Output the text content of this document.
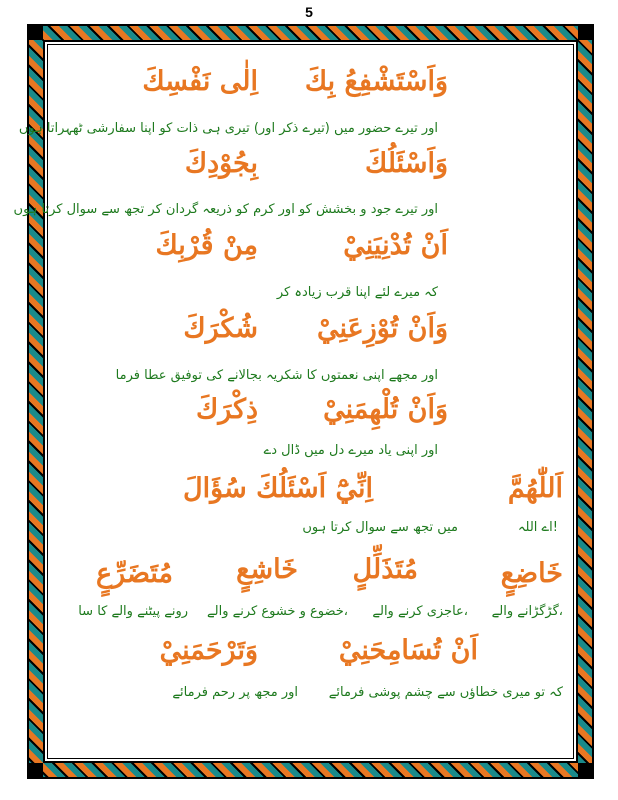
5
وَاَسْتَشْفِعُ بِكَ
اِلٰى نَفْسِكَ
اور تیرے حضور میں (تیرے ذکر اور) تیری ہی ذات کو اپنا سفارشی ٹھہراتا ہوں
وَاَسْئَلُكَ
بِجُوْدِكَ
اور تیرے جود و بخشش کو اور کرم کو ذریعہ گردان کر تجھ سے سوال کرتا ہوں
اَنْ تُدْنِيَنِيْ
مِنْ قُرْبِكَ
کہ میرے لئے اپنا قرب زیادہ کر
وَاَنْ تُوْزِعَنِيْ
شُكْرَكَ
اور مجھے اپنی نعمتوں کا شکریہ بجالانے کی توفیق عطا فرما
وَاَنْ تُلْهِمَنِيْ
ذِكْرَكَ
اور اپنی یاد میرے دل میں ڈال دے
اَللّٰهُمَّ
اِنِّيْٓ اَسْئَلُكَ سُؤَالَ
اے اللہ!
میں تجھ سے سوال کرتا ہوں
خَاضِعٍ
مُتَذَلِّلٍ
خَاشِعٍ
مُتَضَرِّعٍ
گڑگڑانے والے،
عاجزی کرنے والے،
خضوع و خشوع کرنے والے،
رونے پیٹنے والے کا سا
اَنْ تُسَامِحَنِيْ
وَتَرْحَمَنِيْ
کہ تو میری خطاؤں سے چشم پوشی فرمائے
اور مجھ پر رحم فرمائے
